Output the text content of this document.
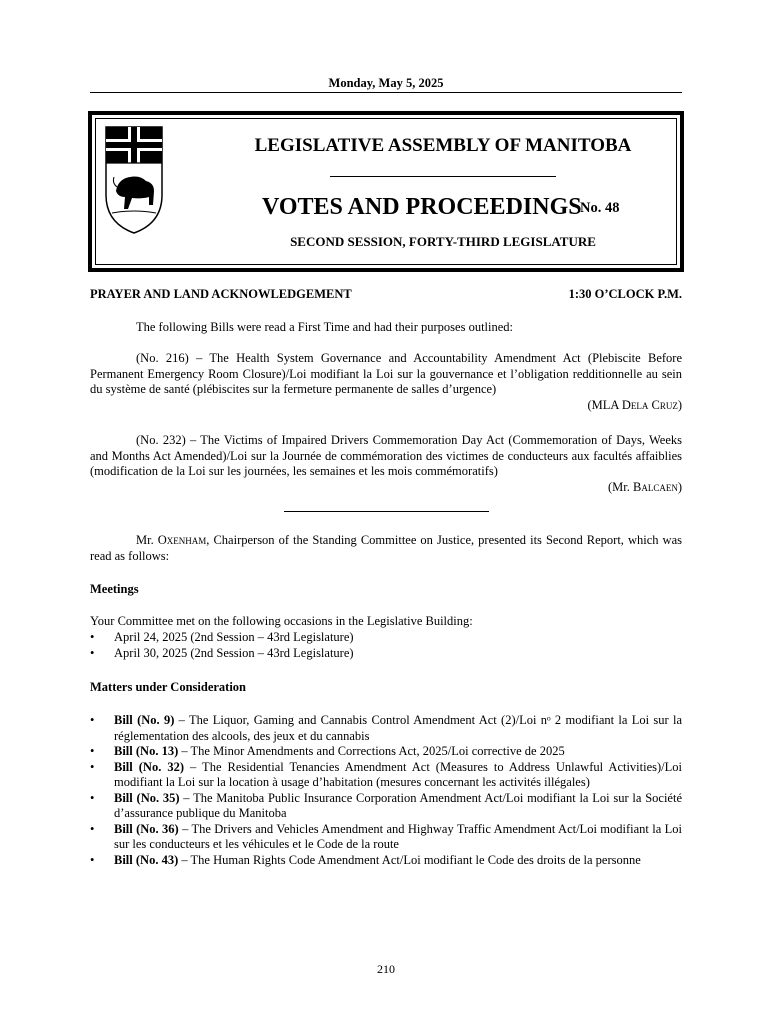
Monday, May 5, 2025
LEGISLATIVE ASSEMBLY OF MANITOBA
VOTES AND PROCEEDINGS
No. 48
SECOND SESSION, FORTY-THIRD LEGISLATURE
PRAYER AND LAND ACKNOWLEDGEMENT	1:30 O’CLOCK P.M.
The following Bills were read a First Time and had their purposes outlined:
(No. 216) – The Health System Governance and Accountability Amendment Act (Plebiscite Before Permanent Emergency Room Closure)/Loi modifiant la Loi sur la gouvernance et l’obligation redditionnelle au sein du système de santé (plébiscites sur la fermeture permanente de salles d’urgence)
(MLA Dela Cruz)
(No. 232) – The Victims of Impaired Drivers Commemoration Day Act (Commemoration of Days, Weeks and Months Act Amended)/Loi sur la Journée de commémoration des victimes de conducteurs aux facultés affaiblies (modification de la Loi sur les journées, les semaines et les mois commémoratifs)
(Mr. Balcaen)
Mr. Oxenham, Chairperson of the Standing Committee on Justice, presented its Second Report, which was read as follows:
Meetings
Your Committee met on the following occasions in the Legislative Building:
•	April 24, 2025 (2nd Session – 43rd Legislature)
•	April 30, 2025 (2nd Session – 43rd Legislature)
Matters under Consideration
•	Bill (No. 9) – The Liquor, Gaming and Cannabis Control Amendment Act (2)/Loi nᵒ 2 modifiant la Loi sur la réglementation des alcools, des jeux et du cannabis
•	Bill (No. 13) – The Minor Amendments and Corrections Act, 2025/Loi corrective de 2025
•	Bill (No. 32) – The Residential Tenancies Amendment Act (Measures to Address Unlawful Activities)/Loi modifiant la Loi sur la location à usage d’habitation (mesures concernant les activités illégales)
•	Bill (No. 35) – The Manitoba Public Insurance Corporation Amendment Act/Loi modifiant la Loi sur la Société d’assurance publique du Manitoba
•	Bill (No. 36) – The Drivers and Vehicles Amendment and Highway Traffic Amendment Act/Loi modifiant la Loi sur les conducteurs et les véhicules et le Code de la route
•	Bill (No. 43) – The Human Rights Code Amendment Act/Loi modifiant le Code des droits de la personne
210
